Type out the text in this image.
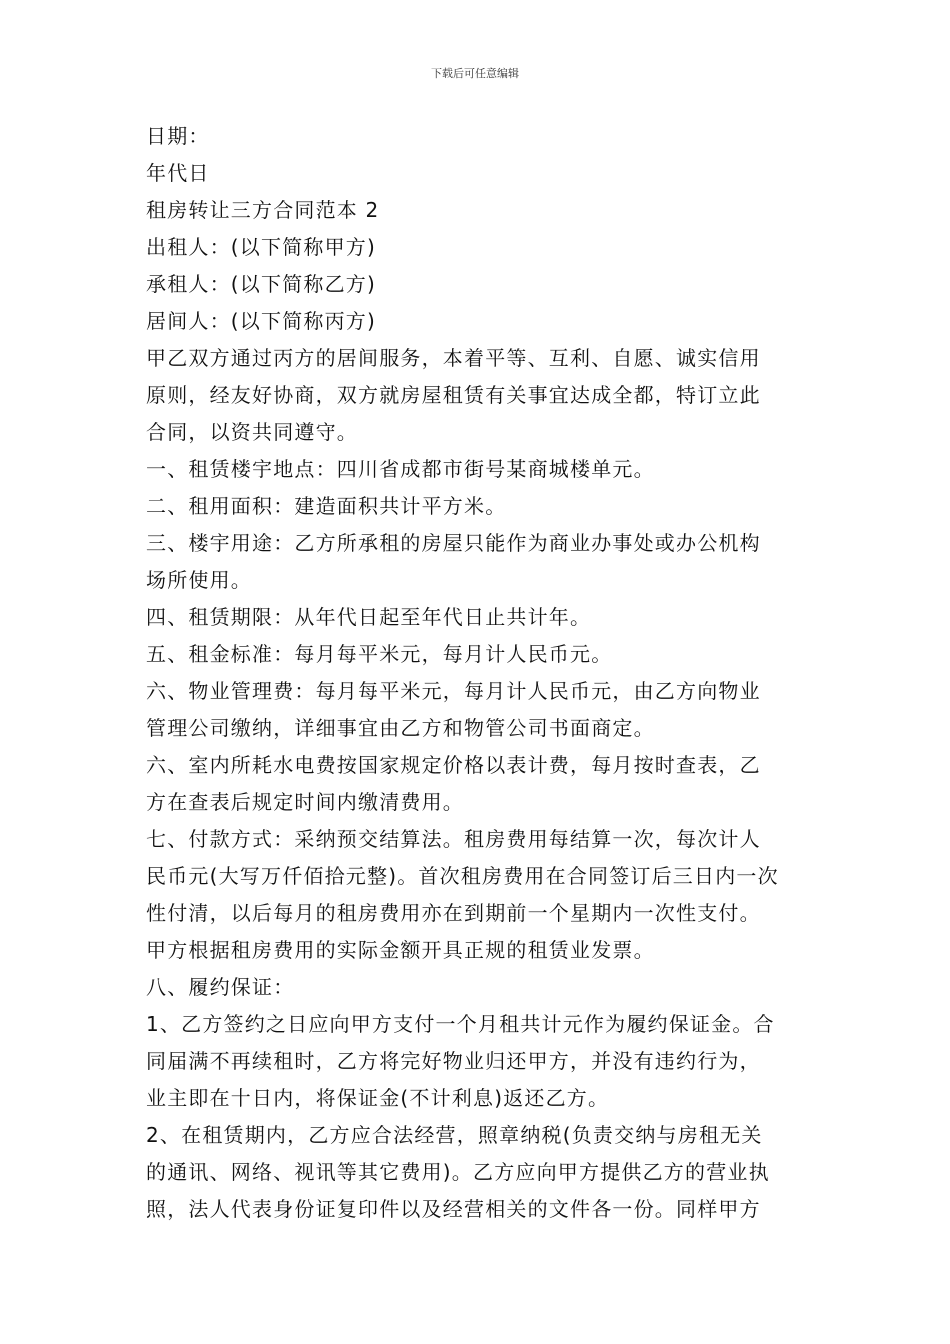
下载后可任意编辑

日期：

年代日

租房转让三方合同范本 2

出租人：(以下简称甲方)

承租人：(以下简称乙方)

居间人：(以下简称丙方)

甲乙双方通过丙方的居间服务，本着平等、互利、自愿、诚实信用

原则，经友好协商，双方就房屋租赁有关事宜达成全都，特订立此

合同，以资共同遵守。

一、租赁楼宇地点：四川省成都市街号某商城楼单元。

二、租用面积：建造面积共计平方米。

三、楼宇用途：乙方所承租的房屋只能作为商业办事处或办公机构

场所使用。

四、租赁期限：从年代日起至年代日止共计年。

五、租金标准：每月每平米元，每月计人民币元。

六、物业管理费：每月每平米元，每月计人民币元，由乙方向物业

管理公司缴纳，详细事宜由乙方和物管公司书面商定。

六、室内所耗水电费按国家规定价格以表计费，每月按时查表，乙

方在查表后规定时间内缴清费用。

七、付款方式：采纳预交结算法。租房费用每结算一次，每次计人

民币元(大写万仟佰拾元整)。首次租房费用在合同签订后三日内一次

性付清，以后每月的租房费用亦在到期前一个星期内一次性支付。

甲方根据租房费用的实际金额开具正规的租赁业发票。

八、履约保证：

1、乙方签约之日应向甲方支付一个月租共计元作为履约保证金。合

同届满不再续租时，乙方将完好物业归还甲方，并没有违约行为，

业主即在十日内，将保证金(不计利息)返还乙方。

2、在租赁期内，乙方应合法经营，照章纳税(负责交纳与房租无关

的通讯、网络、视讯等其它费用)。乙方应向甲方提供乙方的营业执

照，法人代表身份证复印件以及经营相关的文件各一份。同样甲方
